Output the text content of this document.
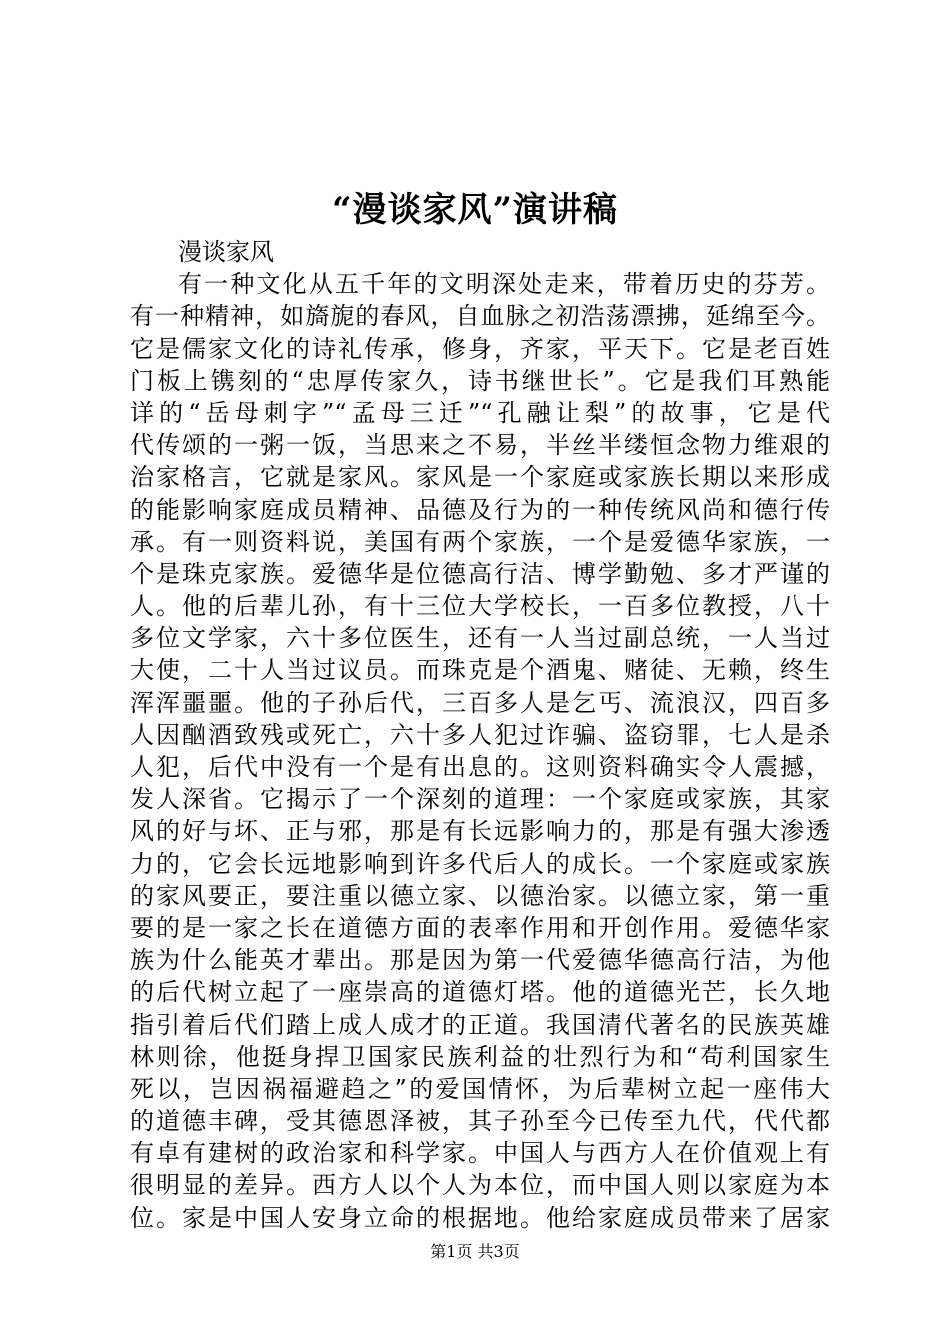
“漫谈家风”演讲稿
漫谈家风
有一种文化从五千年的文明深处走来，带着历史的芬芳。
有一种精神，如旖旎的春风，自血脉之初浩荡漂拂，延绵至今。
它是儒家文化的诗礼传承，修身，齐家，平天下。它是老百姓
门板上镌刻的“忠厚传家久，诗书继世长”。它是我们耳熟能
详的“岳母刺字”“孟母三迁”“孔融让梨”的故事，它是代
代传颂的一粥一饭，当思来之不易，半丝半缕恒念物力维艰的
治家格言，它就是家风。家风是一个家庭或家族长期以来形成
的能影响家庭成员精神、品德及行为的一种传统风尚和德行传
承。有一则资料说，美国有两个家族，一个是爱德华家族，一
个是珠克家族。爱德华是位德高行洁、博学勤勉、多才严谨的
人。他的后辈儿孙，有十三位大学校长，一百多位教授，八十
多位文学家，六十多位医生，还有一人当过副总统，一人当过
大使，二十人当过议员。而珠克是个酒鬼、赌徒、无赖，终生
浑浑噩噩。他的子孙后代，三百多人是乞丐、流浪汉，四百多
人因酗酒致残或死亡，六十多人犯过诈骗、盗窃罪，七人是杀
人犯，后代中没有一个是有出息的。这则资料确实令人震撼，
发人深省。它揭示了一个深刻的道理：一个家庭或家族，其家
风的好与坏、正与邪，那是有长远影响力的，那是有强大渗透
力的，它会长远地影响到许多代后人的成长。一个家庭或家族
的家风要正，要注重以德立家、以德治家。以德立家，第一重
要的是一家之长在道德方面的表率作用和开创作用。爱德华家
族为什么能英才辈出。那是因为第一代爱德华德高行洁，为他
的后代树立起了一座崇高的道德灯塔。他的道德光芒，长久地
指引着后代们踏上成人成才的正道。我国清代著名的民族英雄
林则徐，他挺身捍卫国家民族利益的壮烈行为和“苟利国家生
死以，岂因祸福避趋之”的爱国情怀，为后辈树立起一座伟大
的道德丰碑，受其德恩泽被，其子孙至今已传至九代，代代都
有卓有建树的政治家和科学家。中国人与西方人在价值观上有
很明显的差异。西方人以个人为本位，而中国人则以家庭为本
位。家是中国人安身立命的根据地。他给家庭成员带来了居家
第1页 共3页
